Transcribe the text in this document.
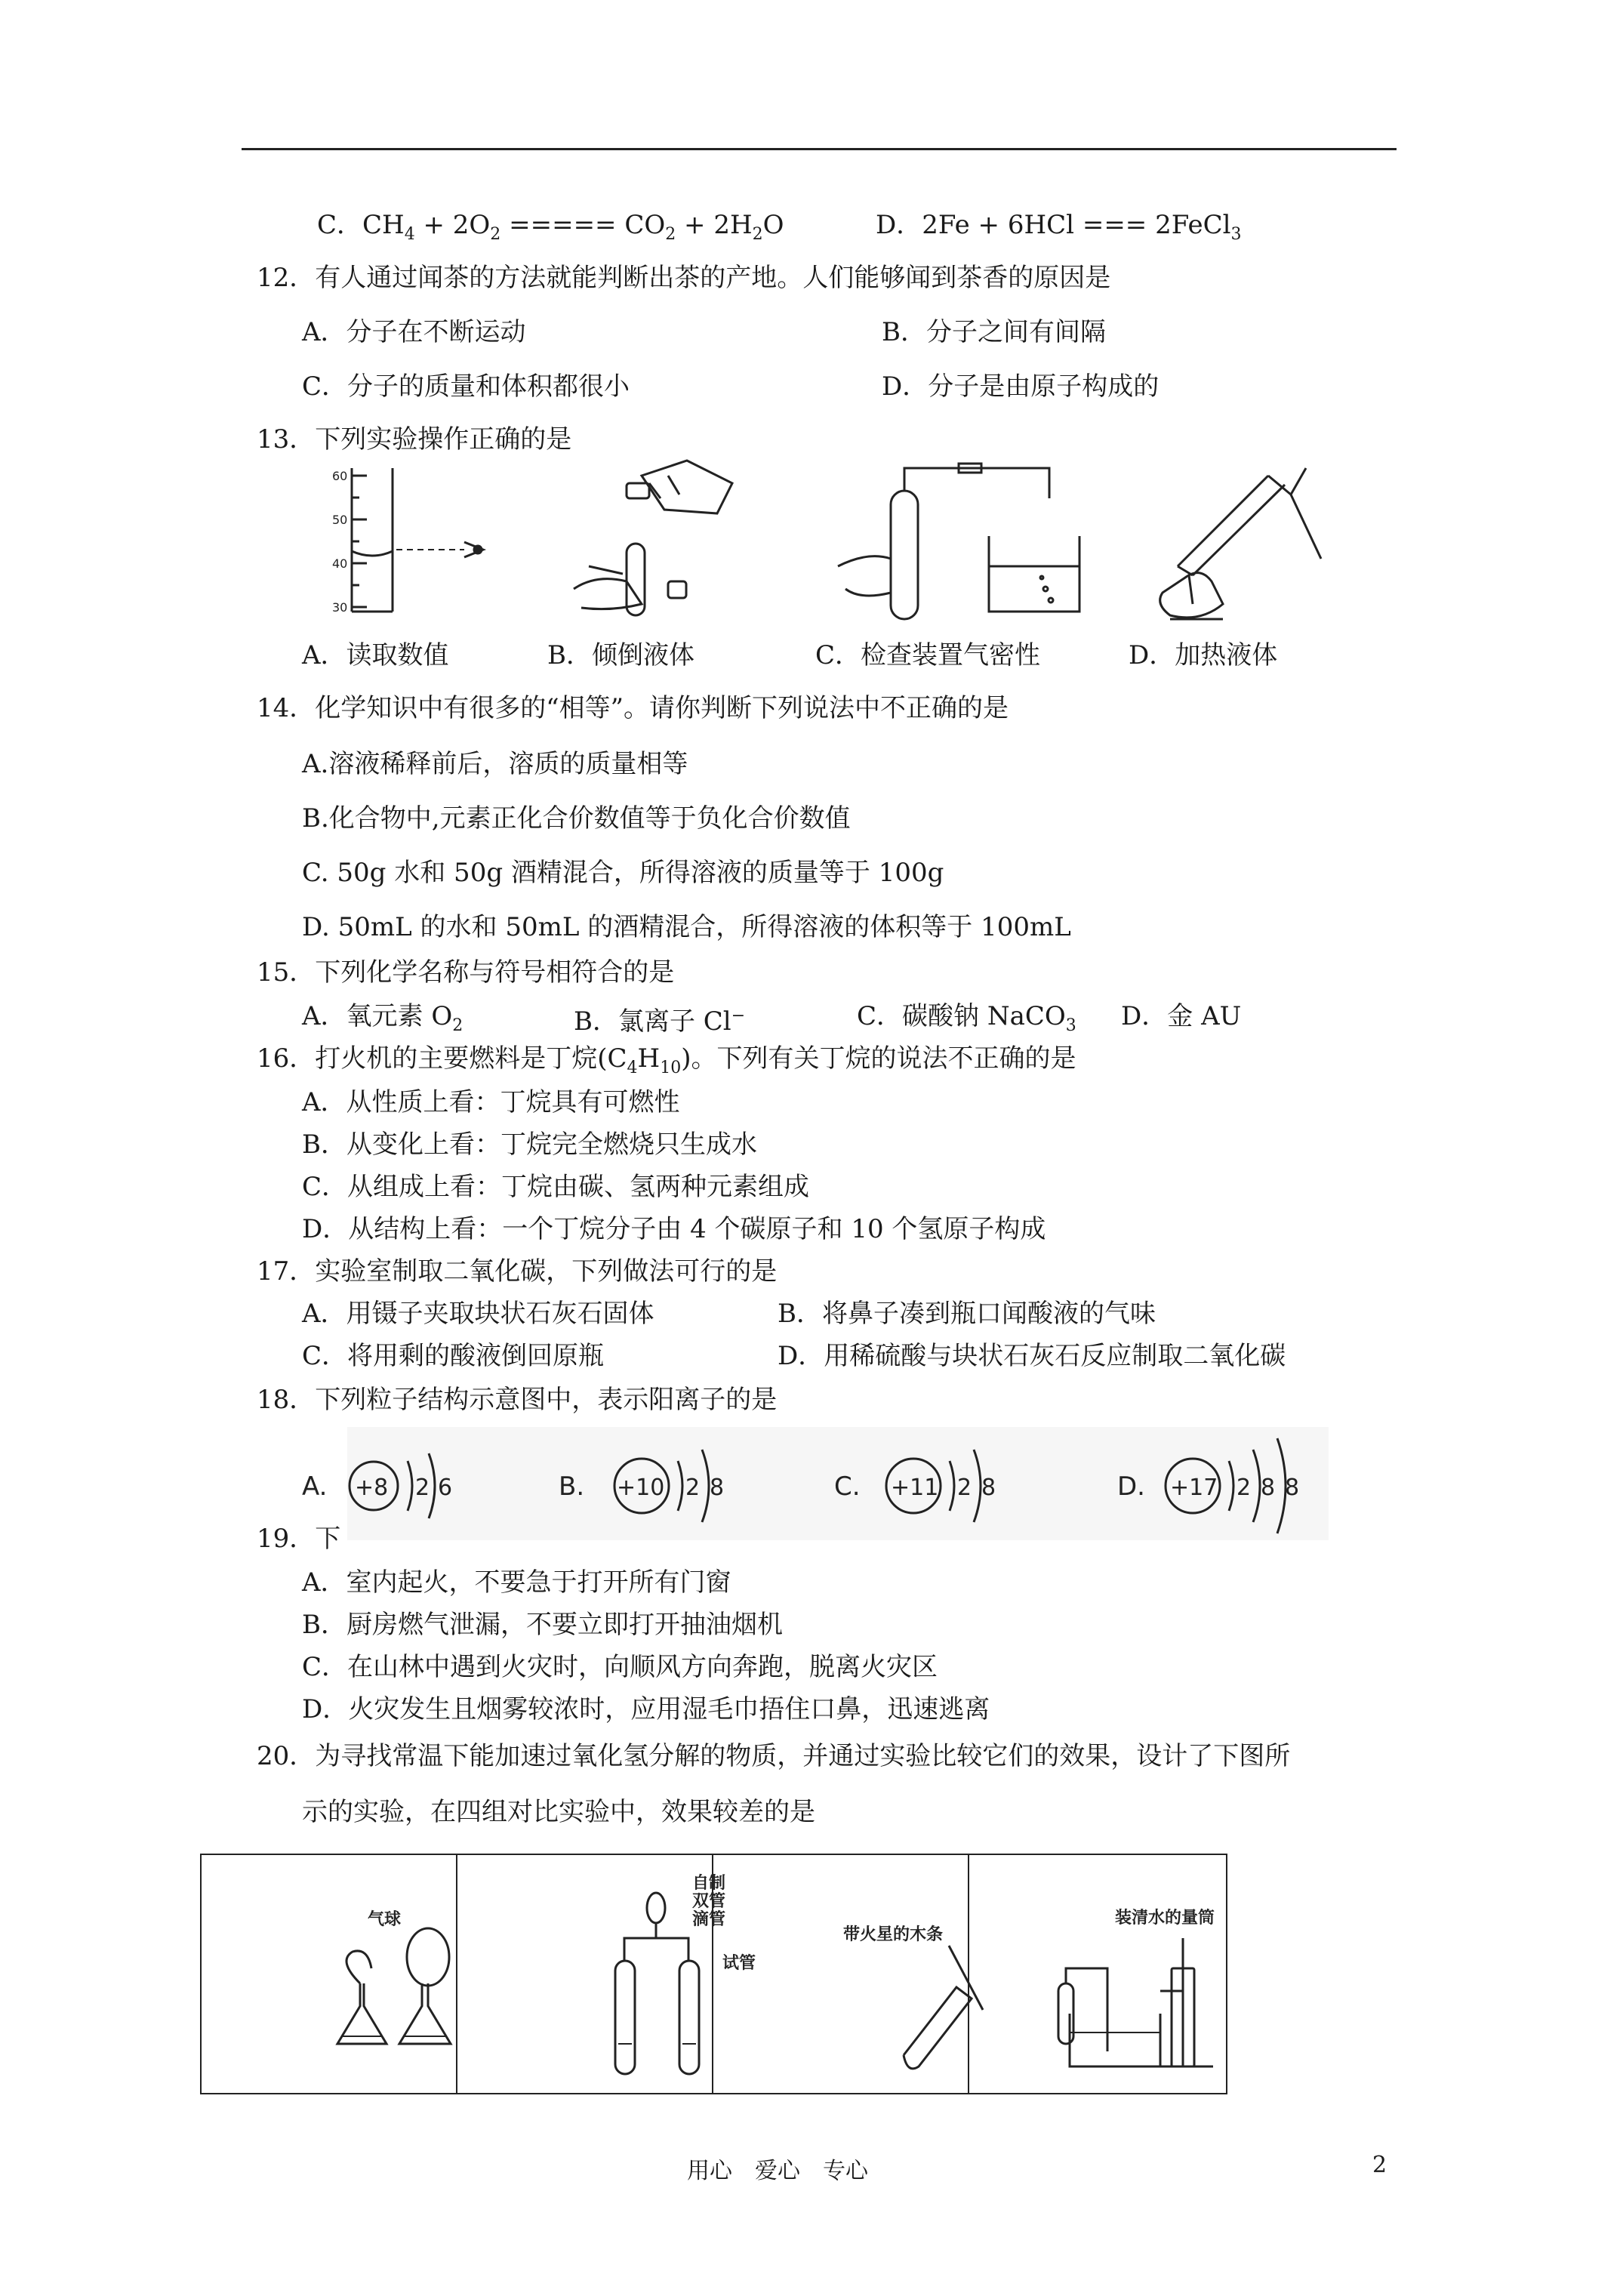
C．$CH_4 + 2O_2$ ===== $CO_2 + 2H_2O$	D．2Fe + 6HCl === 2FeCl$_3$
12．有人通过闻茶的方法就能判断出茶的产地。人们能够闻到茶香的原因是
A．分子在不断运动	B．分子之间有间隔
C．分子的质量和体积都很小	D．分子是由原子构成的
13．下列实验操作正确的是
60
50
40
30
A．读取数值	B．倾倒液体	C．检查装置气密性	D．加热液体
14．化学知识中有很多的“相等”。请你判断下列说法中不正确的是
A.溶液稀释前后，溶质的质量相等
B.化合物中,元素正化合价数值等于负化合价数值
C. 50g 水和 50g 酒精混合，所得溶液的质量等于 100g
D. 50mL 的水和 50mL 的酒精混合，所得溶液的体积等于 100mL
15．下列化学名称与符号相符合的是
A．氧元素 $O_2$	B．氯离子 Cl−	C．碳酸钠 NaCO$_3$ D．金 AU
16．打火机的主要燃料是丁烷$(C_4H_{10})$。下列有关丁烷的说法不正确的是
A．从性质上看：丁烷具有可燃性
B．从变化上看：丁烷完全燃烧只生成水
C．从组成上看：丁烷由碳、氢两种元素组成
D．从结构上看：一个丁烷分子由 4 个碳原子和 10 个氢原子构成
17．实验室制取二氧化碳，下列做法可行的是
A．用镊子夹取块状石灰石固体	B．将鼻子凑到瓶口闻酸液的气味
C．将用剩的酸液倒回原瓶	D．用稀硫酸与块状石灰石反应制取二氧化碳
18．下列粒子结构示意图中，表示阳离子的是
A. +8 2 6	B. +10 2 8	C. +11 2 8	D. +17 2 8 8
19．下
A．室内起火，不要急于打开所有门窗
B．厨房燃气泄漏，不要立即打开抽油烟机
C．在山林中遇到火灾时，向顺风方向奔跑，脱离火灾区
D．火灾发生且烟雾较浓时，应用湿毛巾捂住口鼻，迅速逃离
20．为寻找常温下能加速过氧化氢分解的物质，并通过实验比较它们的效果，设计了下图所
示的实验，在四组对比实验中，效果较差的是
气球
自制
双管
滴管
试管
带火星的木条
装清水的量筒
用心　爱心　专心	2
